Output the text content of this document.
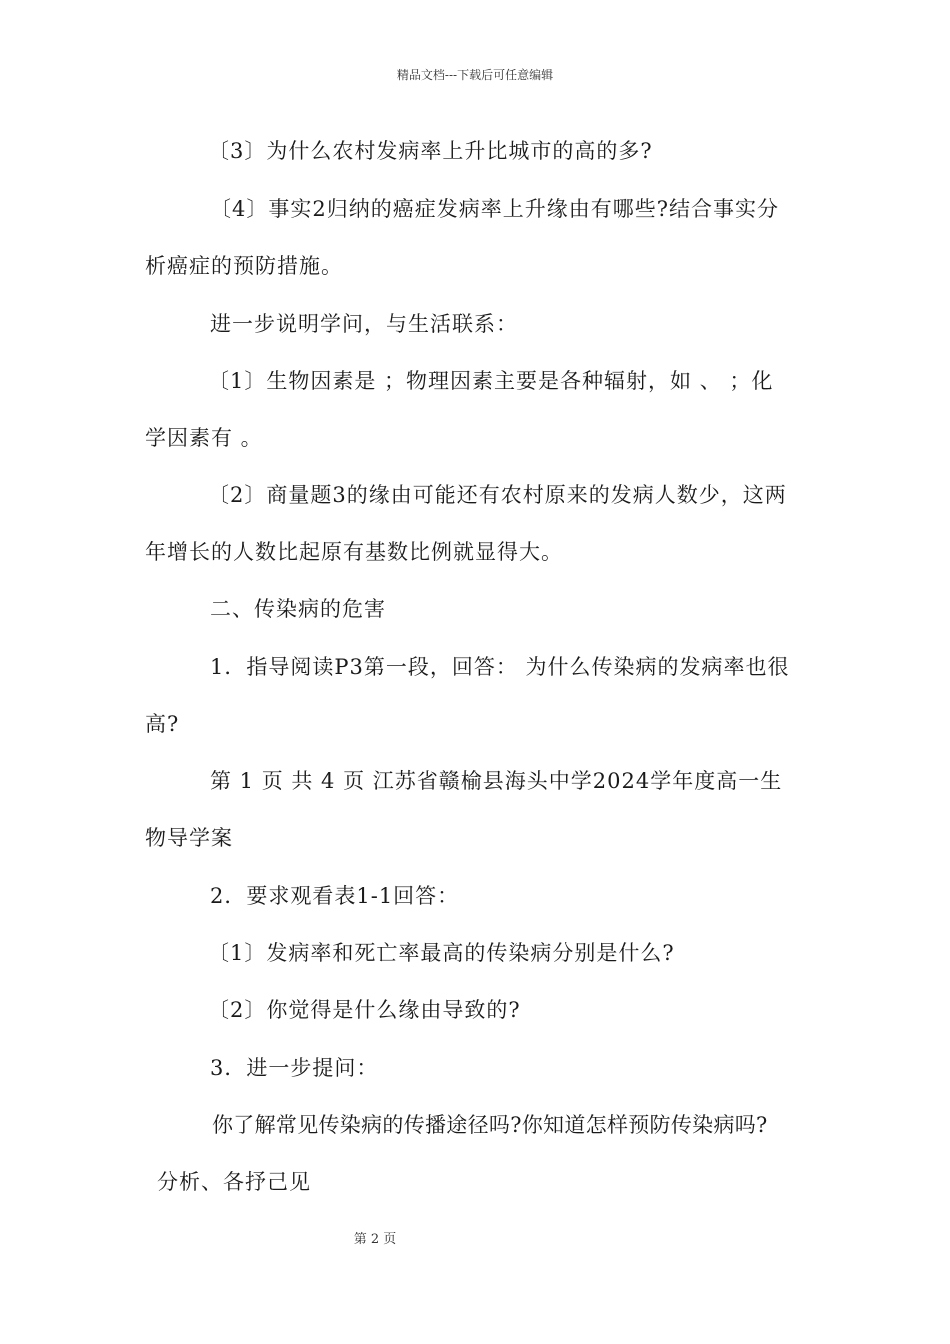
精品文档---下载后可任意编辑
〔3〕为什么农村发病率上升比城市的高的多?
〔4〕事实2归纳的癌症发病率上升缘由有哪些?结合事实分
析癌症的预防措施。
进一步说明学问，与生活联系：
〔1〕生物因素是 ；物理因素主要是各种辐射，如 、 ；化
学因素有 。
〔2〕商量题3的缘由可能还有农村原来的发病人数少，这两
年增长的人数比起原有基数比例就显得大。
二、传染病的危害
1．指导阅读P3第一段，回答： 为什么传染病的发病率也很
高?
第 1 页 共 4 页 江苏省赣榆县海头中学2024学年度高一生
物导学案
2．要求观看表1-1回答：
〔1〕发病率和死亡率最高的传染病分别是什么?
〔2〕你觉得是什么缘由导致的?
3．进一步提问：
你了解常见传染病的传播途径吗?你知道怎样预防传染病吗?
分析、各抒己见
第 2 页
